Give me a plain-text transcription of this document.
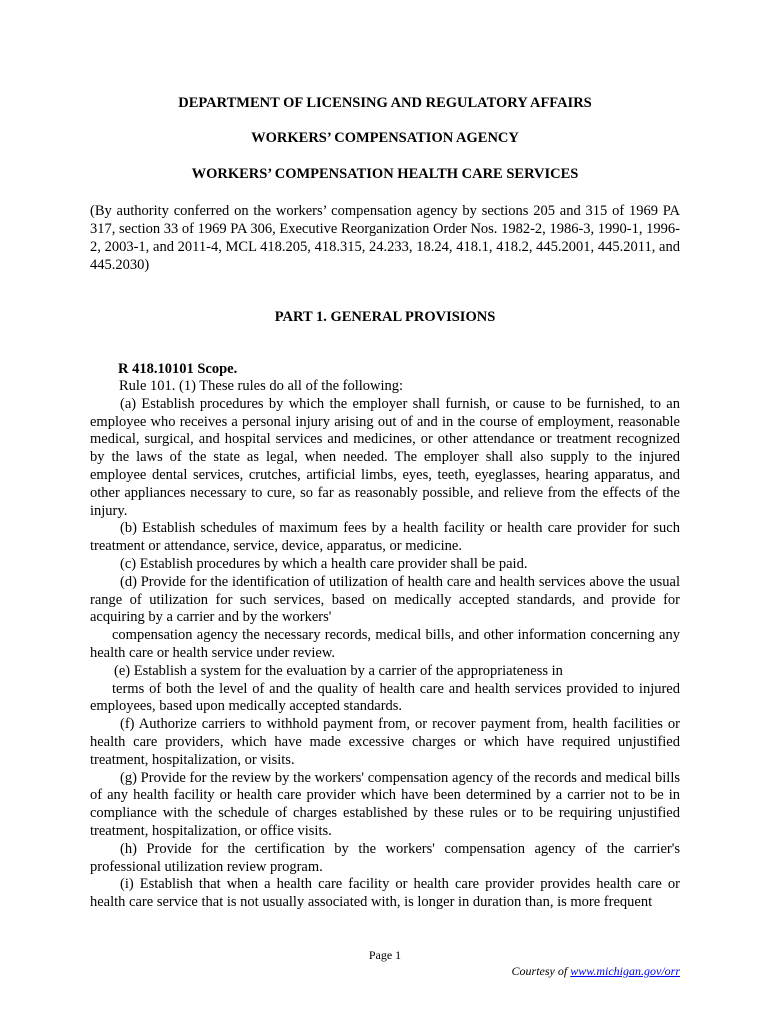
DEPARTMENT OF LICENSING AND REGULATORY AFFAIRS
WORKERS’ COMPENSATION AGENCY
WORKERS’ COMPENSATION HEALTH CARE SERVICES
(By authority conferred on the workers’ compensation agency by sections 205 and 315 of 1969 PA 317, section 33 of 1969 PA 306, Executive Reorganization Order Nos. 1982-2, 1986-3, 1990-1, 1996-2, 2003-1, and 2011-4, MCL 418.205, 418.315, 24.233, 18.24, 418.1, 418.2, 445.2001, 445.2011, and 445.2030)
PART 1. GENERAL PROVISIONS
R 418.10101 Scope.

Rule 101. (1) These rules do all of the following:

(a) Establish procedures by which the employer shall furnish, or cause to be furnished, to an employee who receives a personal injury arising out of and in the course of employment, reasonable medical, surgical, and hospital services and medicines, or other attendance or treatment recognized by the laws of the state as legal, when needed. The employer shall also supply to the injured employee dental services, crutches, artificial limbs, eyes, teeth, eyeglasses, hearing apparatus, and other appliances necessary to cure, so far as reasonably possible, and relieve from the effects of the injury.

(b) Establish schedules of maximum fees by a health facility or health care provider for such treatment or attendance, service, device, apparatus, or medicine.

(c) Establish procedures by which a health care provider shall be paid.

(d) Provide for the identification of utilization of health care and health services above the usual range of utilization for such services, based on medically accepted standards, and provide for acquiring by a carrier and by the workers'

compensation agency the necessary records, medical bills, and other information concerning any health care or health service under review.

(e) Establish a system for the evaluation by a carrier of the appropriateness in

terms of both the level of and the quality of health care and health services provided to injured employees, based upon medically accepted standards.

(f) Authorize carriers to withhold payment from, or recover payment from, health facilities or health care providers, which have made excessive charges or which have required unjustified treatment, hospitalization, or visits.

(g) Provide for the review by the workers' compensation agency of the records and medical bills of any health facility or health care provider which have been determined by a carrier not to be in compliance with the schedule of charges established by these rules or to be requiring unjustified treatment, hospitalization, or office visits.

(h) Provide for the certification by the workers' compensation agency of the carrier's professional utilization review program.

(i) Establish that when a health care facility or health care provider provides health care or health care service that is not usually associated with, is longer in duration than, is more frequent

Page 1
Courtesy of www.michigan.gov/orr
